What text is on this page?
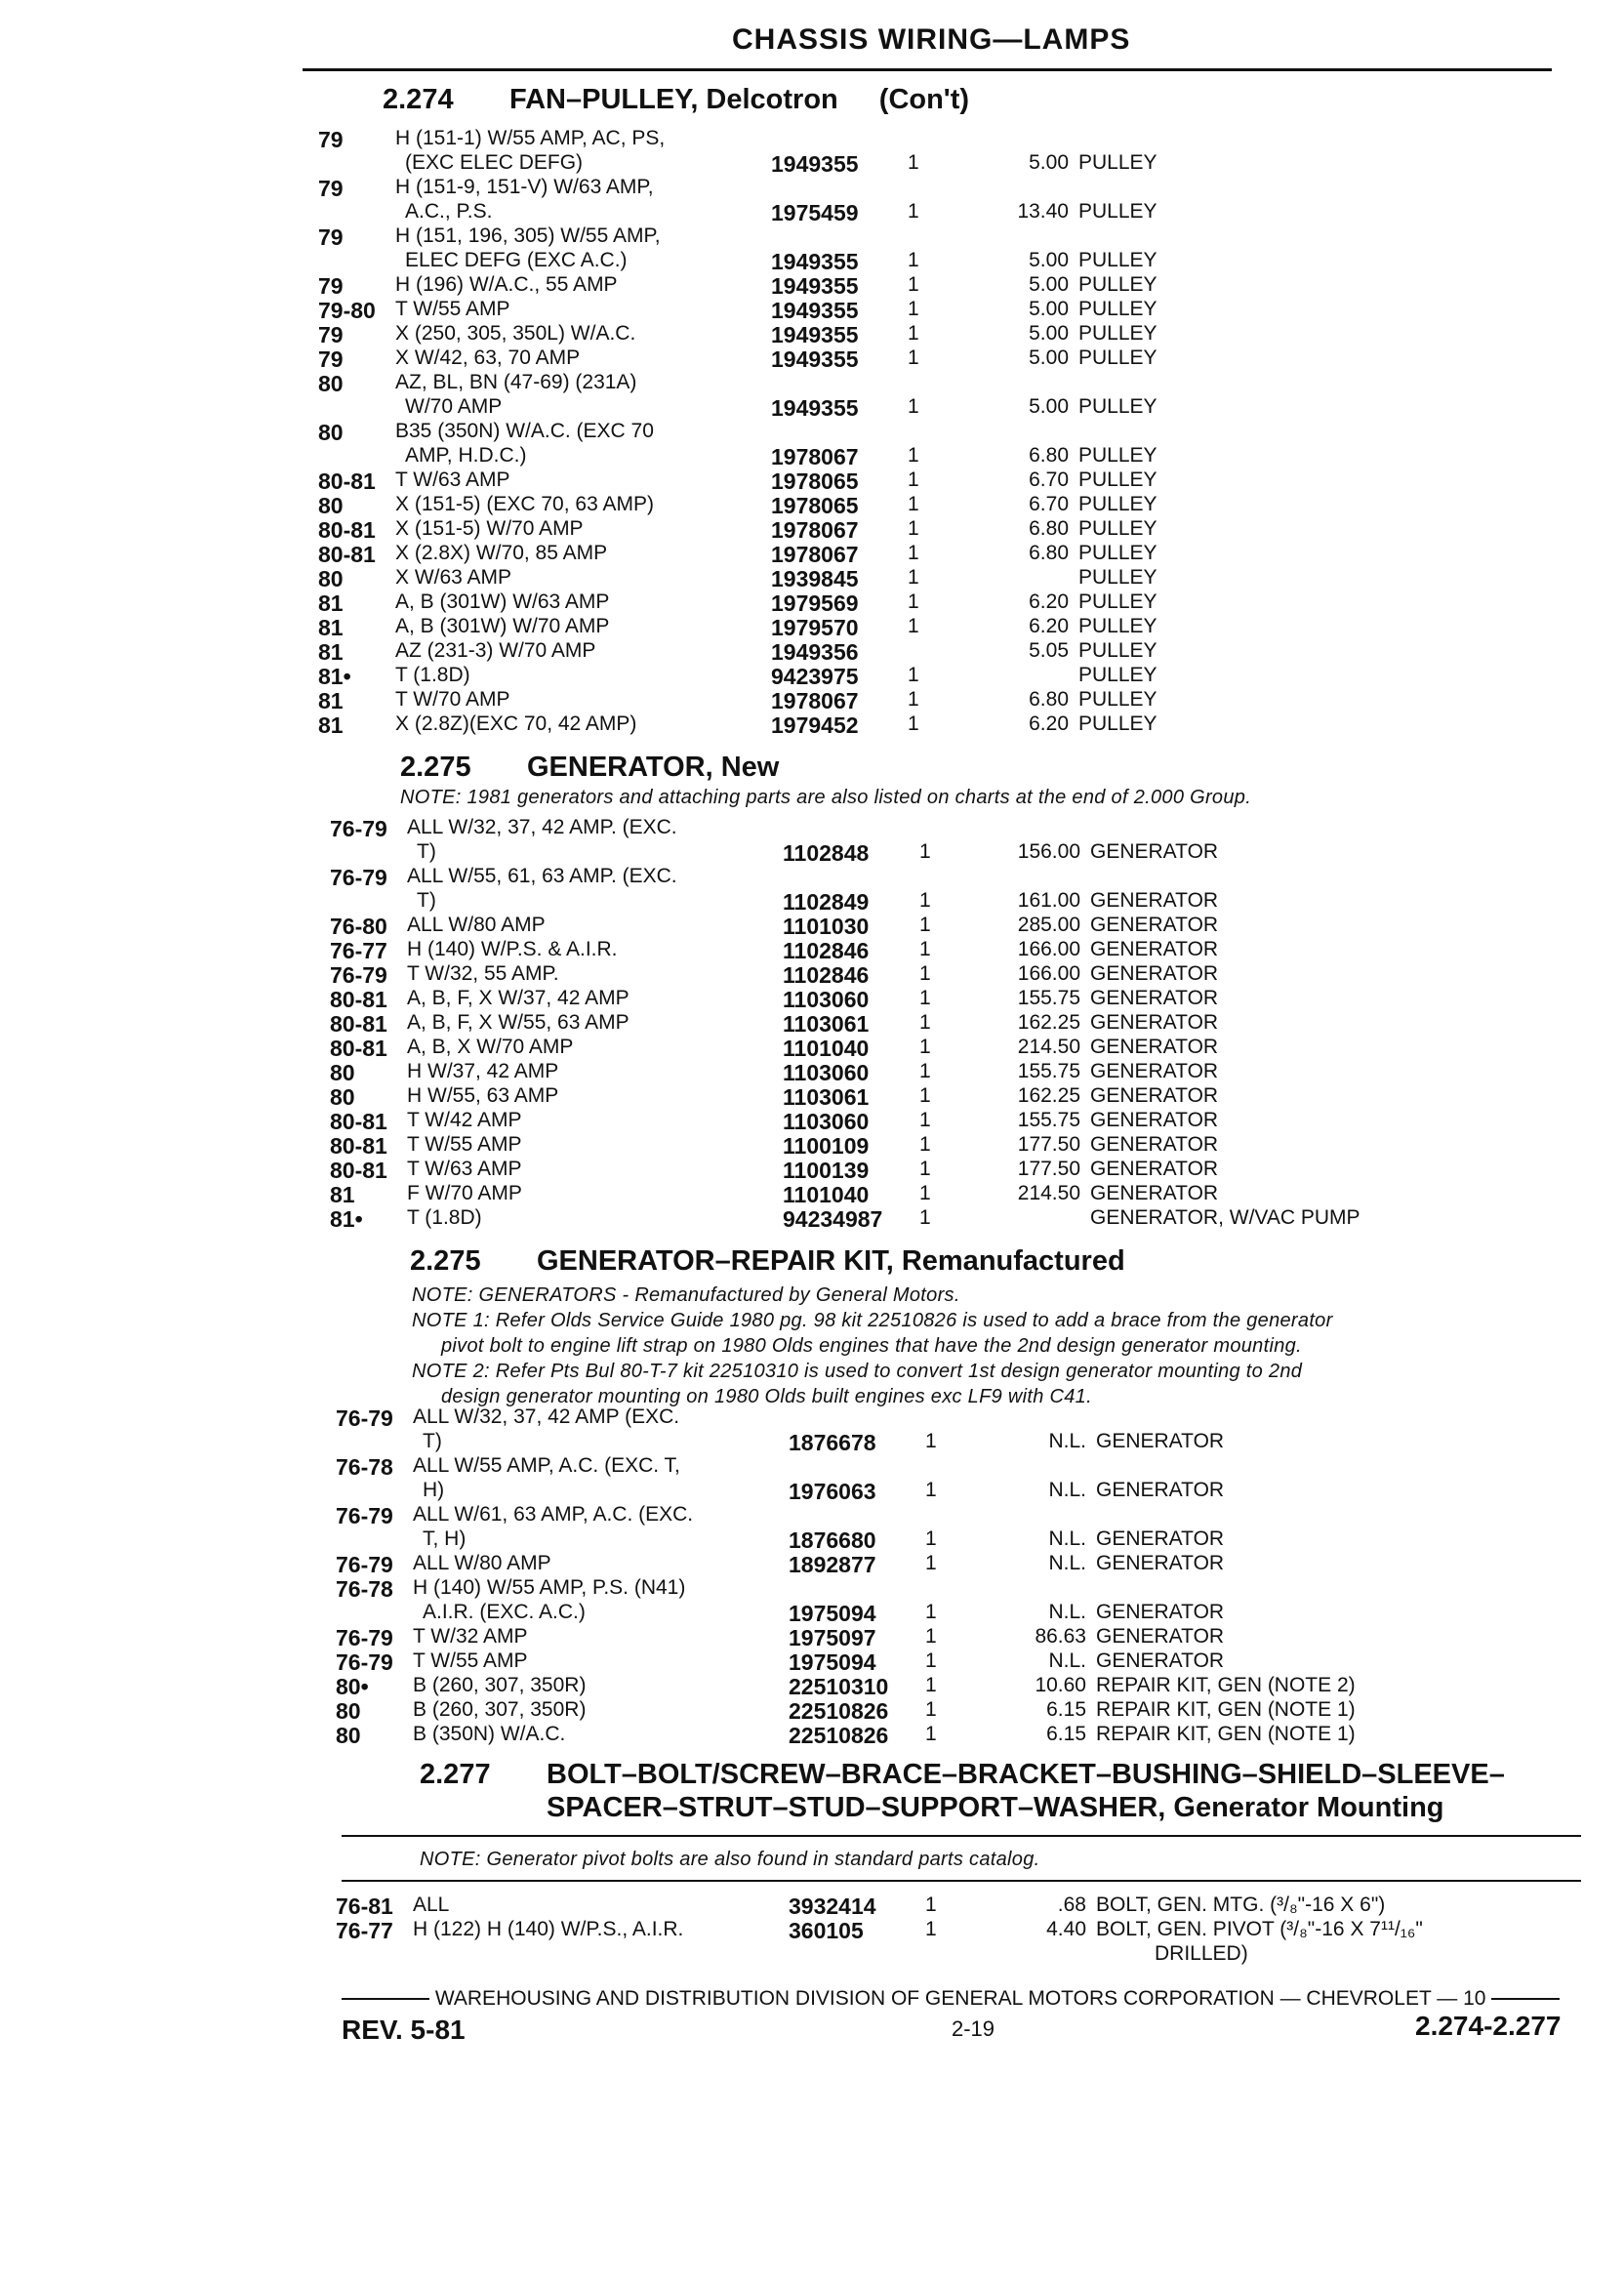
CHASSIS WIRING—LAMPS
2.274 FAN–PULLEY, Delcotron (Con't)
2.275 GENERATOR, New
NOTE: 1981 generators and attaching parts are also listed on charts at the end of 2.000 Group.
2.275 GENERATOR–REPAIR KIT, Remanufactured
NOTE: GENERATORS - Remanufactured by General Motors.
NOTE 1: Refer Olds Service Guide 1980 pg. 98 kit 22510826 is used to add a brace from the generator
pivot bolt to engine lift strap on 1980 Olds engines that have the 2nd design generator mounting.
NOTE 2: Refer Pts Bul 80-T-7 kit 22510310 is used to convert 1st design generator mounting to 2nd
design generator mounting on 1980 Olds built engines exc LF9 with C41.
2.277 BOLT–BOLT/SCREW–BRACE–BRACKET–BUSHING–SHIELD–SLEEVE–
SPACER–STRUT–STUD–SUPPORT–WASHER, Generator Mounting
NOTE: Generator pivot bolts are also found in standard parts catalog.
79	H (151-1) W/55 AMP, AC, PS,
(EXC ELEC DEFG)	1949355 1	5.00 PULLEY
79	H (151-9, 151-V) W/63 AMP,
A.C., P.S.	1975459 1	13.40 PULLEY
79	H (151, 196, 305) W/55 AMP,
ELEC DEFG (EXC A.C.)	1949355 1	5.00 PULLEY
79	H (196) W/A.C., 55 AMP	1949355 1	5.00 PULLEY
79-80 T W/55 AMP	1949355 1	5.00 PULLEY
79	X (250, 305, 350L) W/A.C.	1949355 1	5.00 PULLEY
79	X W/42, 63, 70 AMP	1949355 1	5.00 PULLEY
80	AZ, BL, BN (47-69) (231A)
W/70 AMP	1949355 1	5.00 PULLEY
80	B35 (350N) W/A.C. (EXC 70
AMP, H.D.C.)	1978067 1	6.80 PULLEY
80-81 T W/63 AMP	1978065 1	6.70 PULLEY
80	X (151-5) (EXC 70, 63 AMP)	1978065 1	6.70 PULLEY
80-81 X (151-5) W/70 AMP	1978067 1	6.80 PULLEY
80-81 X (2.8X) W/70, 85 AMP	1978067 1	6.80 PULLEY
80	X W/63 AMP	1939845 1	PULLEY
81	A, B (301W) W/63 AMP	1979569 1	6.20 PULLEY
81	A, B (301W) W/70 AMP	1979570 1	6.20 PULLEY
81	AZ (231-3) W/70 AMP	1949356	5.05 PULLEY
81• T (1.8D)	9423975 1	PULLEY
81	T W/70 AMP	1978067 1	6.80 PULLEY
81	X (2.8Z)(EXC 70, 42 AMP)	1979452 1	6.20 PULLEY
76-79 ALL W/32, 37, 42 AMP. (EXC.
T)	1102848 1	156.00 GENERATOR
76-79 ALL W/55, 61, 63 AMP. (EXC.
T)	1102849 1	161.00 GENERATOR
76-80 ALL W/80 AMP	1101030 1	285.00 GENERATOR
76-77 H (140) W/P.S. & A.I.R.	1102846 1	166.00 GENERATOR
76-79 T W/32, 55 AMP.	1102846 1	166.00 GENERATOR
80-81 A, B, F, X W/37, 42 AMP	1103060 1	155.75 GENERATOR
80-81 A, B, F, X W/55, 63 AMP	1103061 1	162.25 GENERATOR
80-81 A, B, X W/70 AMP	1101040 1	214.50 GENERATOR
80	H W/37, 42 AMP	1103060 1	155.75 GENERATOR
80	H W/55, 63 AMP	1103061 1	162.25 GENERATOR
80-81 T W/42 AMP	1103060 1	155.75 GENERATOR
80-81 T W/55 AMP	1100109 1	177.50 GENERATOR
80-81 T W/63 AMP	1100139 1	177.50 GENERATOR
81	F W/70 AMP	1101040 1	214.50 GENERATOR
81• T (1.8D)	94234987 1	GENERATOR, W/VAC PUMP
76-79 ALL W/32, 37, 42 AMP (EXC.
T)	1876678 1	N.L. GENERATOR
76-78 ALL W/55 AMP, A.C. (EXC. T,
H)	1976063 1	N.L. GENERATOR
76-79 ALL W/61, 63 AMP, A.C. (EXC.
T, H)	1876680 1	N.L. GENERATOR
76-79 ALL W/80 AMP	1892877 1	N.L. GENERATOR
76-78 H (140) W/55 AMP, P.S. (N41)
A.I.R. (EXC. A.C.)	1975094 1	N.L. GENERATOR
76-79 T W/32 AMP	1975097 1	86.63 GENERATOR
76-79 T W/55 AMP	1975094 1	N.L. GENERATOR
80• B (260, 307, 350R)	22510310 1	10.60 REPAIR KIT, GEN (NOTE 2)
80	B (260, 307, 350R)	22510826 1	6.15 REPAIR KIT, GEN (NOTE 1)
80	B (350N) W/A.C.	22510826 1	6.15 REPAIR KIT, GEN (NOTE 1)
76-81 ALL	3932414 1	.68 BOLT, GEN. MTG. (³/₈"-16 X 6")
76-77 H (122) H (140) W/P.S., A.I.R.	360105	1	4.40 BOLT, GEN. PIVOT (³/₈"-16 X 7¹¹/₁₆"
DRILLED)
WAREHOUSING AND DISTRIBUTION DIVISION OF GENERAL MOTORS CORPORATION — CHEVROLET — 10
REV. 5-81	2-19	2.274-2.277
